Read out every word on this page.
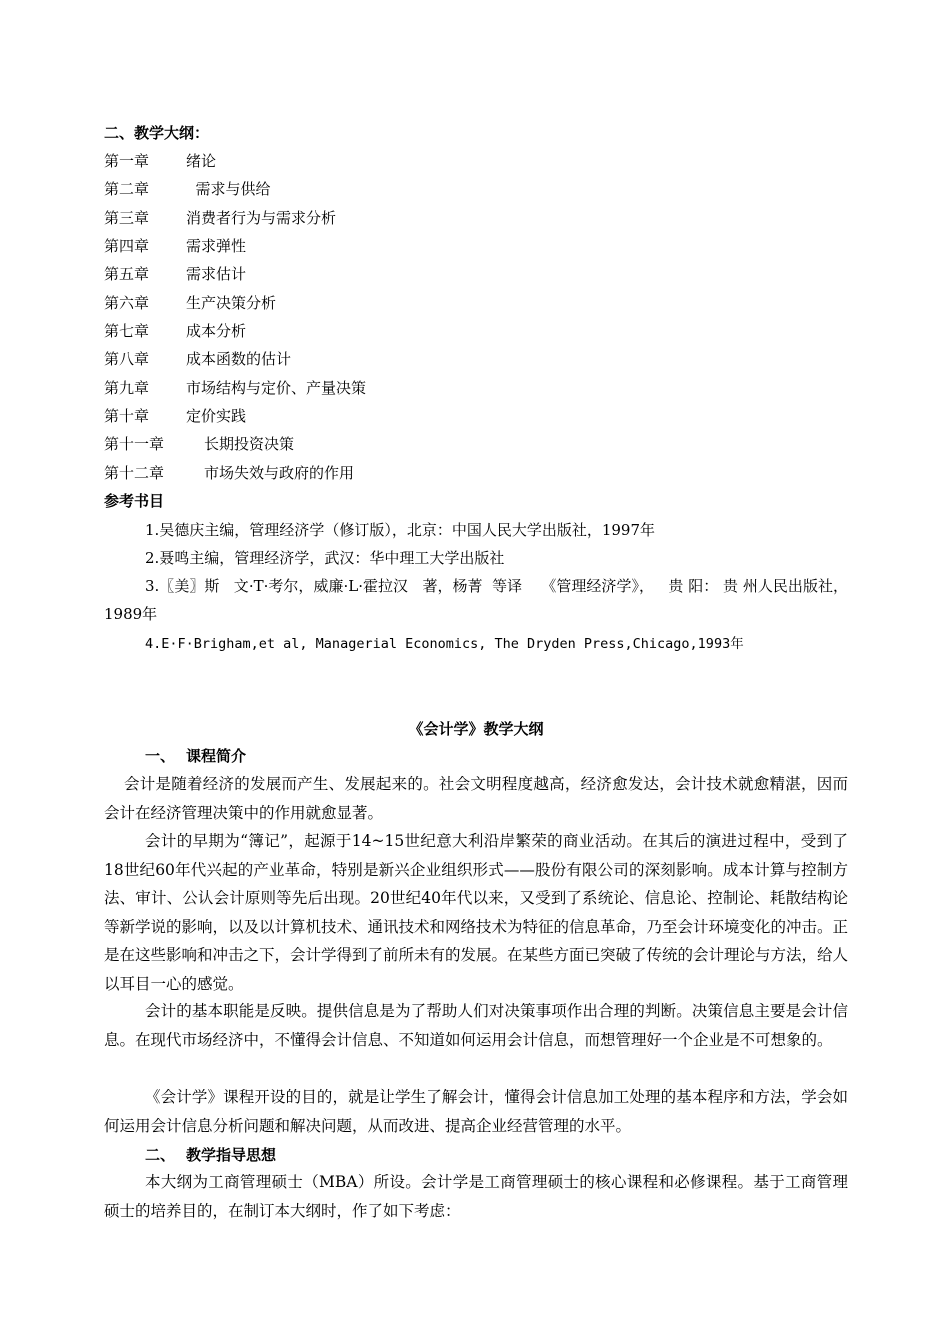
二、教学大纲：
第一章 绪论
第二章  需求与供给
第三章 消费者行为与需求分析
第四章 需求弹性
第五章 需求估计
第六章 生产决策分析
第七章 成本分析
第八章 成本函数的估计
第九章 市场结构与定价、产量决策
第十章 定价实践
第十一章	长期投资决策
第十二章	市场失效与政府的作用
参考书目
1.吴德庆主编，管理经济学（修订版），北京：中国人民大学出版社，1997年
2.聂鸣主编，管理经济学，武汉：华中理工大学出版社
3.〖美〗斯   文·T·考尔，威廉·L·霍拉汉   著，杨菁  等译    《管理经济学》，   贵 阳： 贵 州人民出版社，1989年
4.E·F·Brigham,et al, Managerial Economics, The Dryden Press,Chicago,1993年
《会计学》教学大纲
一、 课程简介
会计是随着经济的发展而产生、发展起来的。社会文明程度越高，经济愈发达，会计技术就愈精湛，因而会计在经济管理决策中的作用就愈显著。
会计的早期为“簿记”，起源于14~15世纪意大利沿岸繁荣的商业活动。在其后的演进过程中，受到了18世纪60年代兴起的产业革命，特别是新兴企业组织形式——股份有限公司的深刻影响。成本计算与控制方法、审计、公认会计原则等先后出现。20世纪40年代以来，又受到了系统论、信息论、控制论、耗散结构论等新学说的影响，以及以计算机技术、通讯技术和网络技术为特征的信息革命，乃至会计环境变化的冲击。正是在这些影响和冲击之下，会计学得到了前所未有的发展。在某些方面已突破了传统的会计理论与方法，给人以耳目一心的感觉。
会计的基本职能是反映。提供信息是为了帮助人们对决策事项作出合理的判断。决策信息主要是会计信息。在现代市场经济中，不懂得会计信息、不知道如何运用会计信息，而想管理好一个企业是不可想象的。
《会计学》课程开设的目的，就是让学生了解会计，懂得会计信息加工处理的基本程序和方法，学会如何运用会计信息分析问题和解决问题，从而改进、提高企业经营管理的水平。
二、 教学指导思想
本大纲为工商管理硕士（MBA）所设。会计学是工商管理硕士的核心课程和必修课程。基于工商管理硕士的培养目的，在制订本大纲时，作了如下考虑：
